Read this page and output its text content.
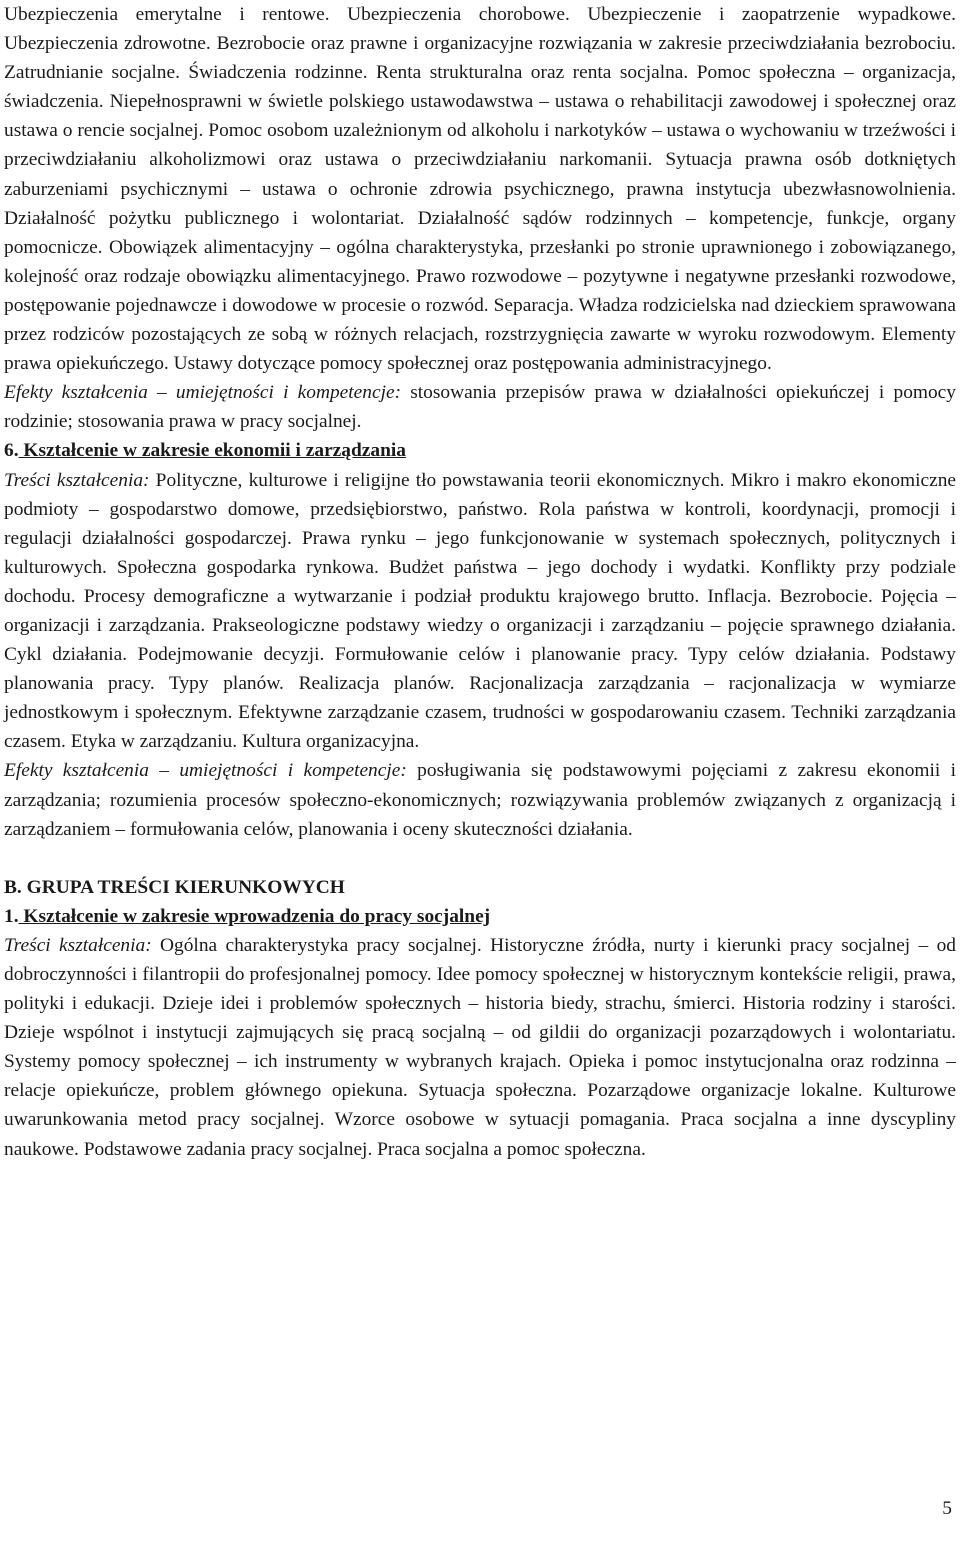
Ubezpieczenia emerytalne i rentowe. Ubezpieczenia chorobowe. Ubezpieczenie i zaopatrzenie wypadkowe. Ubezpieczenia zdrowotne. Bezrobocie oraz prawne i organizacyjne rozwiązania w zakresie przeciwdziałania bezrobociu. Zatrudnianie socjalne. Świadczenia rodzinne. Renta strukturalna oraz renta socjalna. Pomoc społeczna – organizacja, świadczenia. Niepełnosprawni w świetle polskiego ustawodawstwa – ustawa o rehabilitacji zawodowej i społecznej oraz ustawa o rencie socjalnej. Pomoc osobom uzależnionym od alkoholu i narkotyków – ustawa o wychowaniu w trzeźwości i przeciwdziałaniu alkoholizmowi oraz ustawa o przeciwdziałaniu narkomanii. Sytuacja prawna osób dotkniętych zaburzeniami psychicznymi – ustawa o ochronie zdrowia psychicznego, prawna instytucja ubezwłasnowolnienia. Działalność pożytku publicznego i wolontariat. Działalność sądów rodzinnych – kompetencje, funkcje, organy pomocnicze. Obowiązek alimentacyjny – ogólna charakterystyka, przesłanki po stronie uprawnionego i zobowiązanego, kolejność oraz rodzaje obowiązku alimentacyjnego. Prawo rozwodowe – pozytywne i negatywne przesłanki rozwodowe, postępowanie pojednawcze i dowodowe w procesie o rozwód. Separacja. Władza rodzicielska nad dzieckiem sprawowana przez rodziców pozostających ze sobą w różnych relacjach, rozstrzygnięcia zawarte w wyroku rozwodowym. Elementy prawa opiekuńczego. Ustawy dotyczące pomocy społecznej oraz postępowania administracyjnego.

Efekty kształcenia – umiejętności i kompetencje: stosowania przepisów prawa w działalności opiekuńczej i pomocy rodzinie; stosowania prawa w pracy socjalnej.

6. Kształcenie w zakresie ekonomii i zarządzania

Treści kształcenia: Polityczne, kulturowe i religijne tło powstawania teorii ekonomicznych. Mikro i makro ekonomiczne podmioty – gospodarstwo domowe, przedsiębiorstwo, państwo. Rola państwa w kontroli, koordynacji, promocji i regulacji działalności gospodarczej. Prawa rynku – jego funkcjonowanie w systemach społecznych, politycznych i kulturowych. Społeczna gospodarka rynkowa. Budżet państwa – jego dochody i wydatki. Konflikty przy podziale dochodu. Procesy demograficzne a wytwarzanie i podział produktu krajowego brutto. Inflacja. Bezrobocie. Pojęcia – organizacji i zarządzania. Prakseologiczne podstawy wiedzy o organizacji i zarządzaniu – pojęcie sprawnego działania. Cykl działania. Podejmowanie decyzji. Formułowanie celów i planowanie pracy. Typy celów działania. Podstawy planowania pracy. Typy planów. Realizacja planów. Racjonalizacja zarządzania – racjonalizacja w wymiarze jednostkowym i społecznym. Efektywne zarządzanie czasem, trudności w gospodarowaniu czasem. Techniki zarządzania czasem. Etyka w zarządzaniu. Kultura organizacyjna.

Efekty kształcenia – umiejętności i kompetencje: posługiwania się podstawowymi pojęciami z zakresu ekonomii i zarządzania; rozumienia procesów społeczno-ekonomicznych; rozwiązywania problemów związanych z organizacją i zarządzaniem – formułowania celów, planowania i oceny skuteczności działania.

B. GRUPA TREŚCI KIERUNKOWYCH

1. Kształcenie w zakresie wprowadzenia do pracy socjalnej

Treści kształcenia: Ogólna charakterystyka pracy socjalnej. Historyczne źródła, nurty i kierunki pracy socjalnej – od dobroczynności i filantropii do profesjonalnej pomocy. Idee pomocy społecznej w historycznym kontekście religii, prawa, polityki i edukacji. Dzieje idei i problemów społecznych – historia biedy, strachu, śmierci. Historia rodziny i starości. Dzieje wspólnot i instytucji zajmujących się pracą socjalną – od gildii do organizacji pozarządowych i wolontariatu. Systemy pomocy społecznej – ich instrumenty w wybranych krajach. Opieka i pomoc instytucjonalna oraz rodzinna – relacje opiekuńcze, problem głównego opiekuna. Sytuacja społeczna. Pozarządowe organizacje lokalne. Kulturowe uwarunkowania metod pracy socjalnej. Wzorce osobowe w sytuacji pomagania. Praca socjalna a inne dyscypliny naukowe. Podstawowe zadania pracy socjalnej. Praca socjalna a pomoc społeczna.

5
